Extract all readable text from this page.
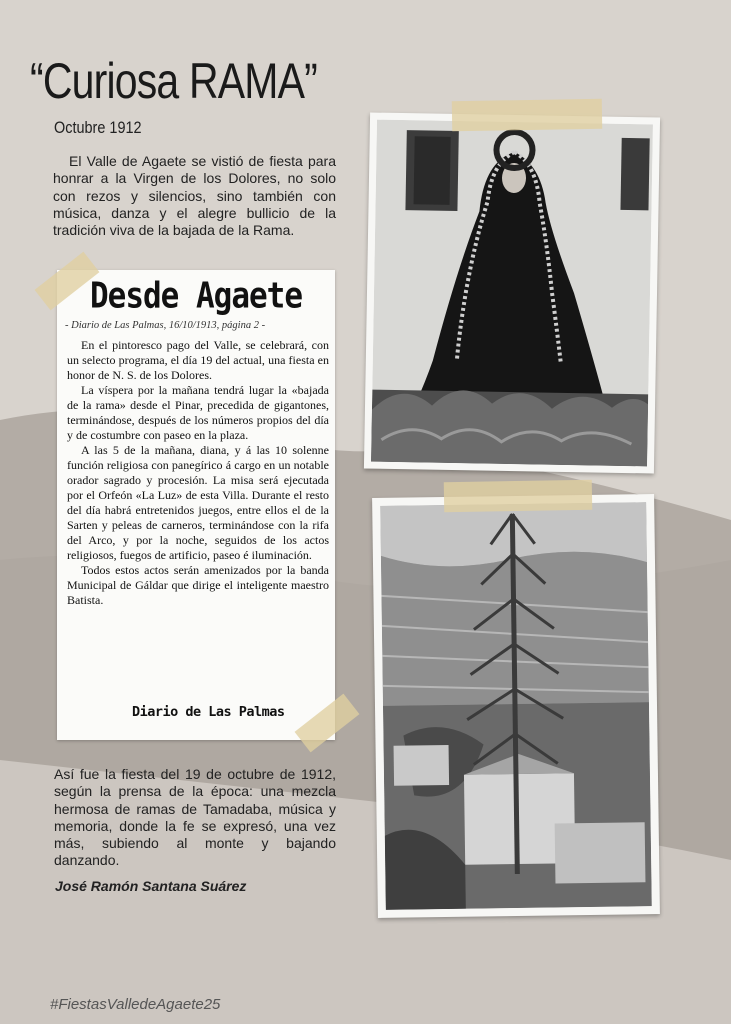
“Curiosa RAMA”
Octubre 1912

El Valle de Agaete se vistió de fiesta para honrar a la Virgen de los Dolores, no solo con rezos y silencios, sino también con música, danza y el alegre bullicio de la tradición viva de la bajada de la Rama.

Desde Agaete
- Diario de Las Palmas, 16/10/1913, página 2 -

En el pintoresco pago del Valle, se celebrará, con un selecto programa, el día 19 del actual, una fiesta en honor de N. S. de los Dolores.

La víspera por la mañana tendrá lugar la «bajada de la rama» desde el Pinar, precedida de gigantones, terminándose, después de los números propios del día y de costumbre con paseo en la plaza.

A las 5 de la mañana, diana, y á las 10 solenne función religiosa con panegírico á cargo en un notable orador sagrado y procesión. La misa será ejecutada por el Orfeón «La Luz» de esta Villa. Durante el resto del día habrá entretenidos juegos, entre ellos el de la Sarten y peleas de carneros, terminándose con la rifa del Arco, y por la noche, seguidos de los actos religiosos, fuegos de artificio, paseo é iluminación.

Todos estos actos serán amenizados por la banda Municipal de Gáldar que dirige el inteligente maestro Batista.

Diario de Las Palmas

Así fue la fiesta del 19 de octubre de 1912, según la prensa de la época: una mezcla hermosa de ramas de Tamadaba, música y memoria, donde la fe se expresó, una vez más, subiendo al monte y bajando danzando.

José Ramón Santana Suárez
#FiestasValledeAgaete25
